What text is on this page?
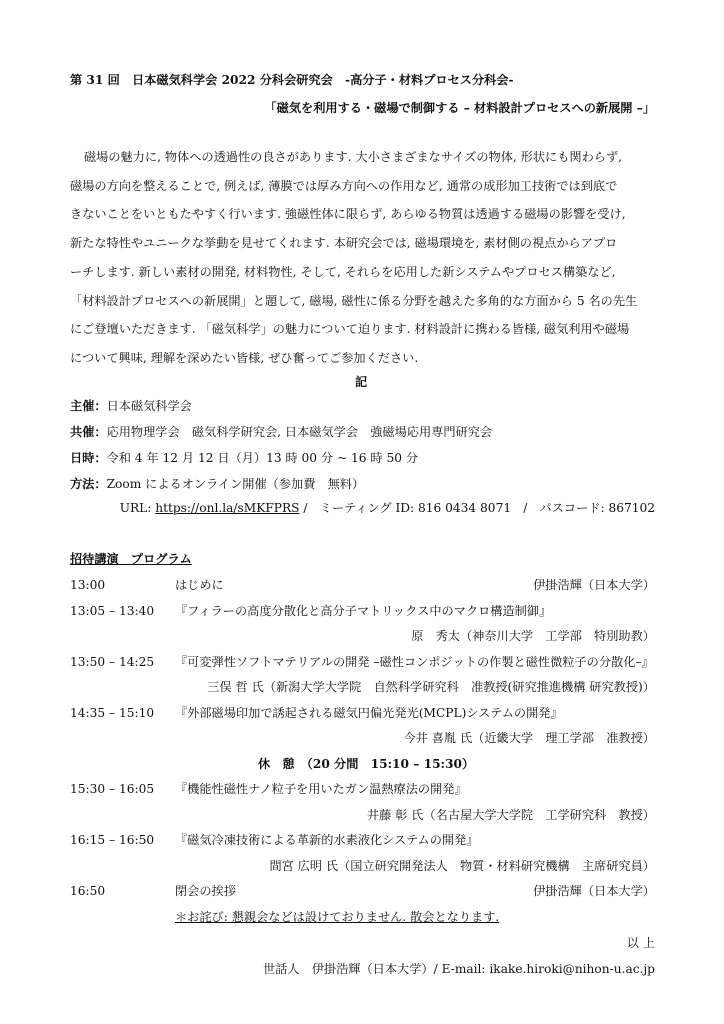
第 31 回　日本磁気科学会 2022 分科会研究会　-高分子・材料プロセス分科会-
「磁気を利用する・磁場で制御する – 材料設計プロセスへの新展開 –」
磁場の魅力に, 物体への透過性の良さがあります. 大小さまざまなサイズの物体, 形状にも関わらず,
磁場の方向を整えることで, 例えば, 薄膜では厚み方向への作用など, 通常の成形加工技術では到底で
きないことをいともたやすく行います. 強磁性体に限らず, あらゆる物質は透過する磁場の影響を受け,
新たな特性やユニークな挙動を見せてくれます. 本研究会では, 磁場環境を, 素材側の視点からアプロ
ーチします. 新しい素材の開発, 材料物性, そして, それらを応用した新システムやプロセス構築など,
「材料設計プロセスへの新展開」と題して, 磁場, 磁性に係る分野を越えた多角的な方面から 5 名の先生
にご登壇いただきます. 「磁気科学」の魅力について迫ります. 材料設計に携わる皆様, 磁気利用や磁場
について興味, 理解を深めたい皆様, ぜひ奮ってご参加ください.
記
主催：日本磁気科学会
共催：応用物理学会　磁気科学研究会, 日本磁気学会　強磁場応用専門研究会
日時：令和 4 年 12 月 12 日（月）13 時 00 分 ~ 16 時 50 分
方法：Zoom によるオンライン開催（参加費　無料）
URL: https://onl.la/sMKFPRS /　ミーティング ID: 816 0434 8071　/　パスコード: 867102
招待講演　プログラム
13:00	はじめに	伊掛浩輝（日本大学）
13:05 – 13:40 『フィラーの高度分散化と高分子マトリックス中のマクロ構造制御』
原　秀太（神奈川大学　工学部　特別助教）
13:50 – 14:25 『可変弾性ソフトマテリアルの開発 –磁性コンポジットの作製と磁性微粒子の分散化–』
三俣 哲 氏（新潟大学大学院　自然科学研究科　准教授(研究推進機構 研究教授)）
14:35 – 15:10 『外部磁場印加で誘起される磁気円偏光発光(MCPL)システムの開発』
今井 喜胤 氏（近畿大学　理工学部　准教授）
休　憩　（20 分間　15:10 – 15:30）
15:30 – 16:05 『機能性磁性ナノ粒子を用いたガン温熱療法の開発』
井藤 彰 氏（名古屋大学大学院　工学研究科　教授）
16:15 – 16:50 『磁気冷凍技術による革新的水素液化システムの開発』
間宮 広明 氏（国立研究開発法人　物質・材料研究機構　主席研究員）
16:50	閉会の挨拶	伊掛浩輝（日本大学）
＊お詫び: 懇親会などは設けておりません. 散会となります.
以 上
世話人　伊掛浩輝（日本大学）/ E-mail: ikake.hiroki@nihon-u.ac.jp
